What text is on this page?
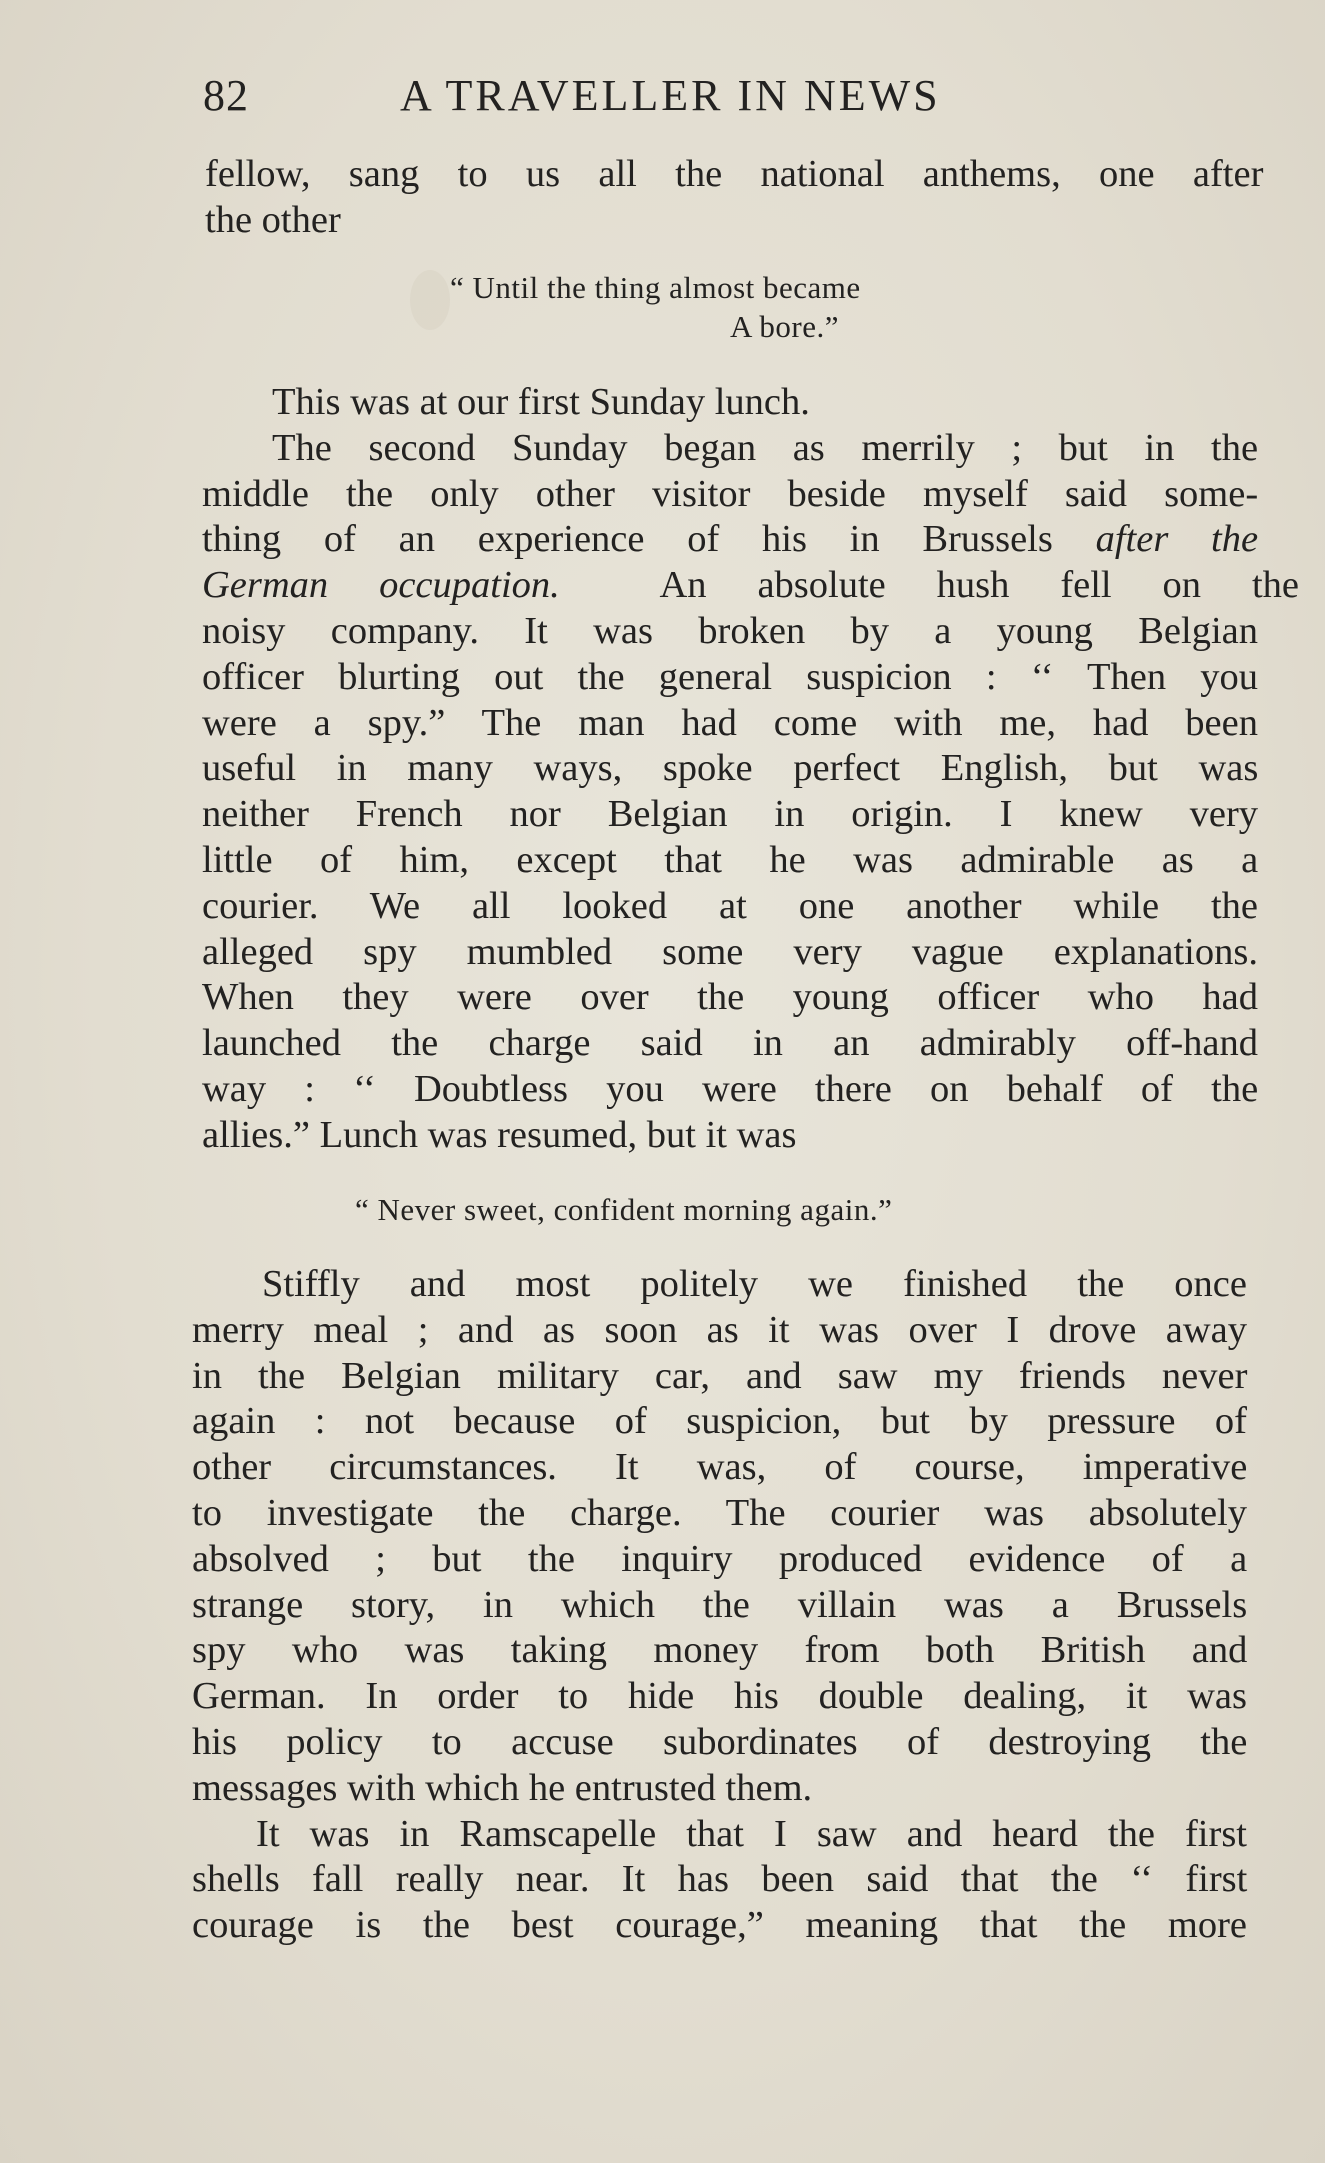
82	A TRAVELLER IN NEWS
fellow, sang to us all the national anthems, one after
the other
“ Until the thing almost became
A bore.”
This was at our first Sunday lunch.
The second Sunday began as merrily ; but in the
middle the only other visitor beside myself said some-
thing of an experience of his in Brussels after the
German occupation.	An absolute hush fell on the
noisy company. It was broken by a young Belgian
officer blurting out the general suspicion : ‘‘ Then you
were a spy.” The man had come with me, had been
useful in many ways, spoke perfect English, but was
neither French nor Belgian in origin. I knew very
little of him, except that he was admirable as a
courier. We all looked at one another while the
alleged spy mumbled some very vague explanations.
When they were over the young officer who had
launched the charge said in an admirably off-hand
way : ‘‘ Doubtless you were there on behalf of the
allies.” Lunch was resumed, but it was
“ Never sweet, confident morning again.”
Stiffly and most politely we finished the once
merry meal ; and as soon as it was over I drove away
in the Belgian military car, and saw my friends never
again : not because of suspicion, but by pressure of
other circumstances. It was, of course, imperative
to investigate the charge. The courier was absolutely
absolved ; but the inquiry produced evidence of a
strange story, in which the villain was a Brussels
spy who was taking money from both British and
German. In order to hide his double dealing, it was
his policy to accuse subordinates of destroying the
messages with which he entrusted them.
It was in Ramscapelle that I saw and heard the first
shells fall really near. It has been said that the ‘‘ first
courage is the best courage,” meaning that the more
